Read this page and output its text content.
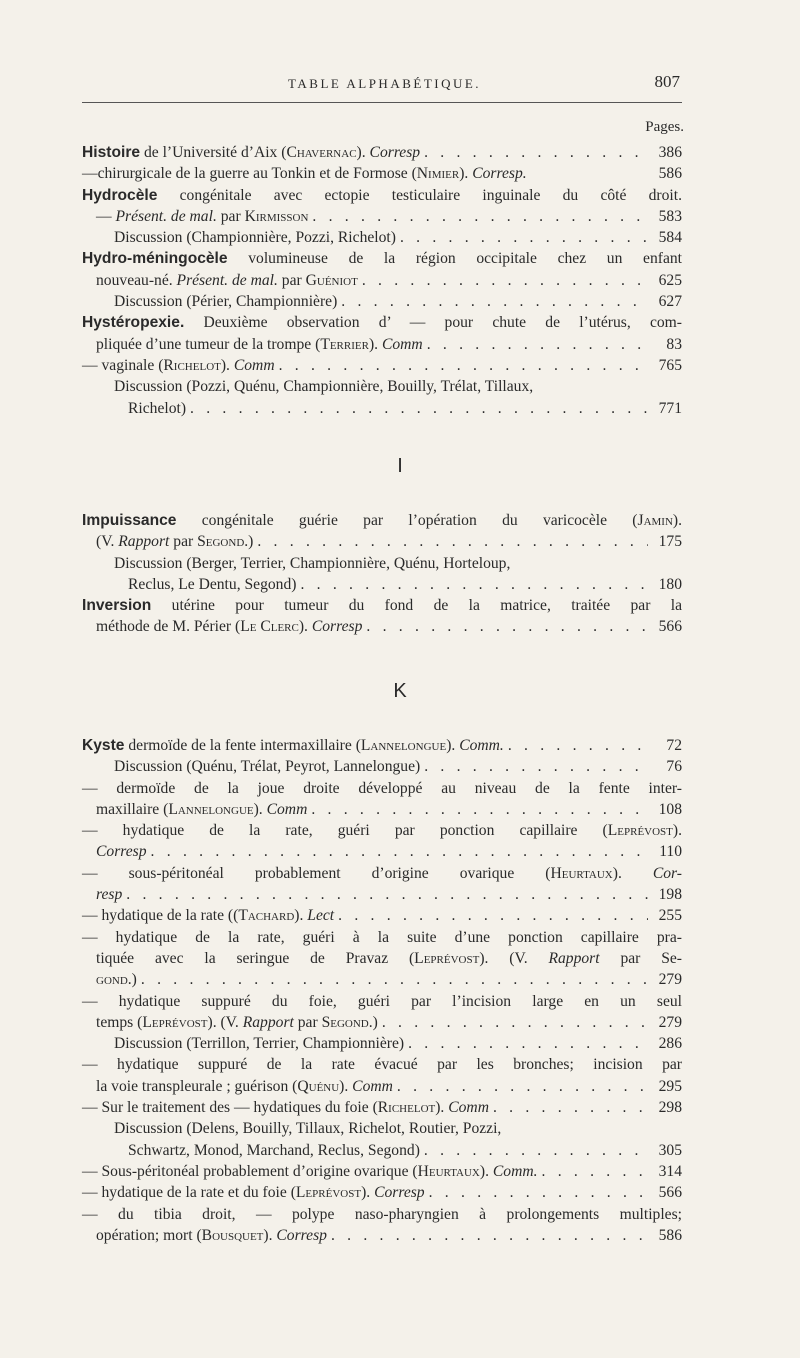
TABLE ALPHABÉTIQUE.	807
Pages.
Histoire de l’Université d’Aix (Chavernac). Corresp . . .	386
—chirurgicale de la guerre au Tonkin et de Formose (Nimier). Corresp.	586
Hydrocèle congénitale avec ectopie testiculaire inguinale du côté droit.
— Présent. de mal. par Kirmisson . . .	583
Discussion (Championnière, Pozzi, Richelot) . . .	584
Hydro-méningocèle volumineuse de la région occipitale chez un enfant
nouveau-né. Présent. de mal. par Guéniot . . .	625
Discussion (Périer, Championnière) . . .	627
Hystéropexie. Deuxième observation d’ — pour chute de l’utérus, com-
pliquée d’une tumeur de la trompe (Terrier). Comm . . .	83
— vaginale (Richelot). Comm . . .	765
Discussion (Pozzi, Quénu, Championnière, Bouilly, Trélat, Tillaux,
Richelot) . . .	771
I
Impuissance congénitale guérie par l’opération du varicocèle (Jamin).
(V. Rapport par Segond.) . . .	175
Discussion (Berger, Terrier, Championnière, Quénu, Horteloup,
Reclus, Le Dentu, Segond) . . .	180
Inversion utérine pour tumeur du fond de la matrice, traitée par la
méthode de M. Périer (Le Clerc). Corresp . . .	566
K
Kyste dermoïde de la fente intermaxillaire (Lannelongue). Comm. . . .	72
Discussion (Quénu, Trélat, Peyrot, Lannelongue) . . .	76
— dermoïde de la joue droite développé au niveau de la fente inter-
maxillaire (Lannelongue). Comm . . .	108
— hydatique de la rate, guéri par ponction capillaire (Leprévost).
Corresp . . .	110
— sous-péritonéal probablement d’origine ovarique (Heurtaux). Cor-
resp . . .	198
— hydatique de la rate ((Tachard). Lect . . .	255
— hydatique de la rate, guéri à la suite d’une ponction capillaire pra-
tiquée avec la seringue de Pravaz (Leprévost). (V. Rapport par Se-
gond.) . . .	279
— hydatique suppuré du foie, guéri par l’incision large en un seul
temps (Leprévost). (V. Rapport par Segond.) . . .	279
Discussion (Terrillon, Terrier, Championnière) . . .	286
— hydatique suppuré de la rate évacué par les bronches; incision par
la voie transpleurale ; guérison (Quénu). Comm . . .	295
— Sur le traitement des — hydatiques du foie (Richelot). Comm . . .	298
Discussion (Delens, Bouilly, Tillaux, Richelot, Routier, Pozzi,
Schwartz, Monod, Marchand, Reclus, Segond) . . .	305
— Sous-péritonéal probablement d’origine ovarique (Heurtaux). Comm. . . .	314
— hydatique de la rate et du foie (Leprévost). Corresp . . .	566
— du tibia droit, — polype naso-pharyngien à prolongements multiples;
opération; mort (Bousquet). Corresp . . .	586
